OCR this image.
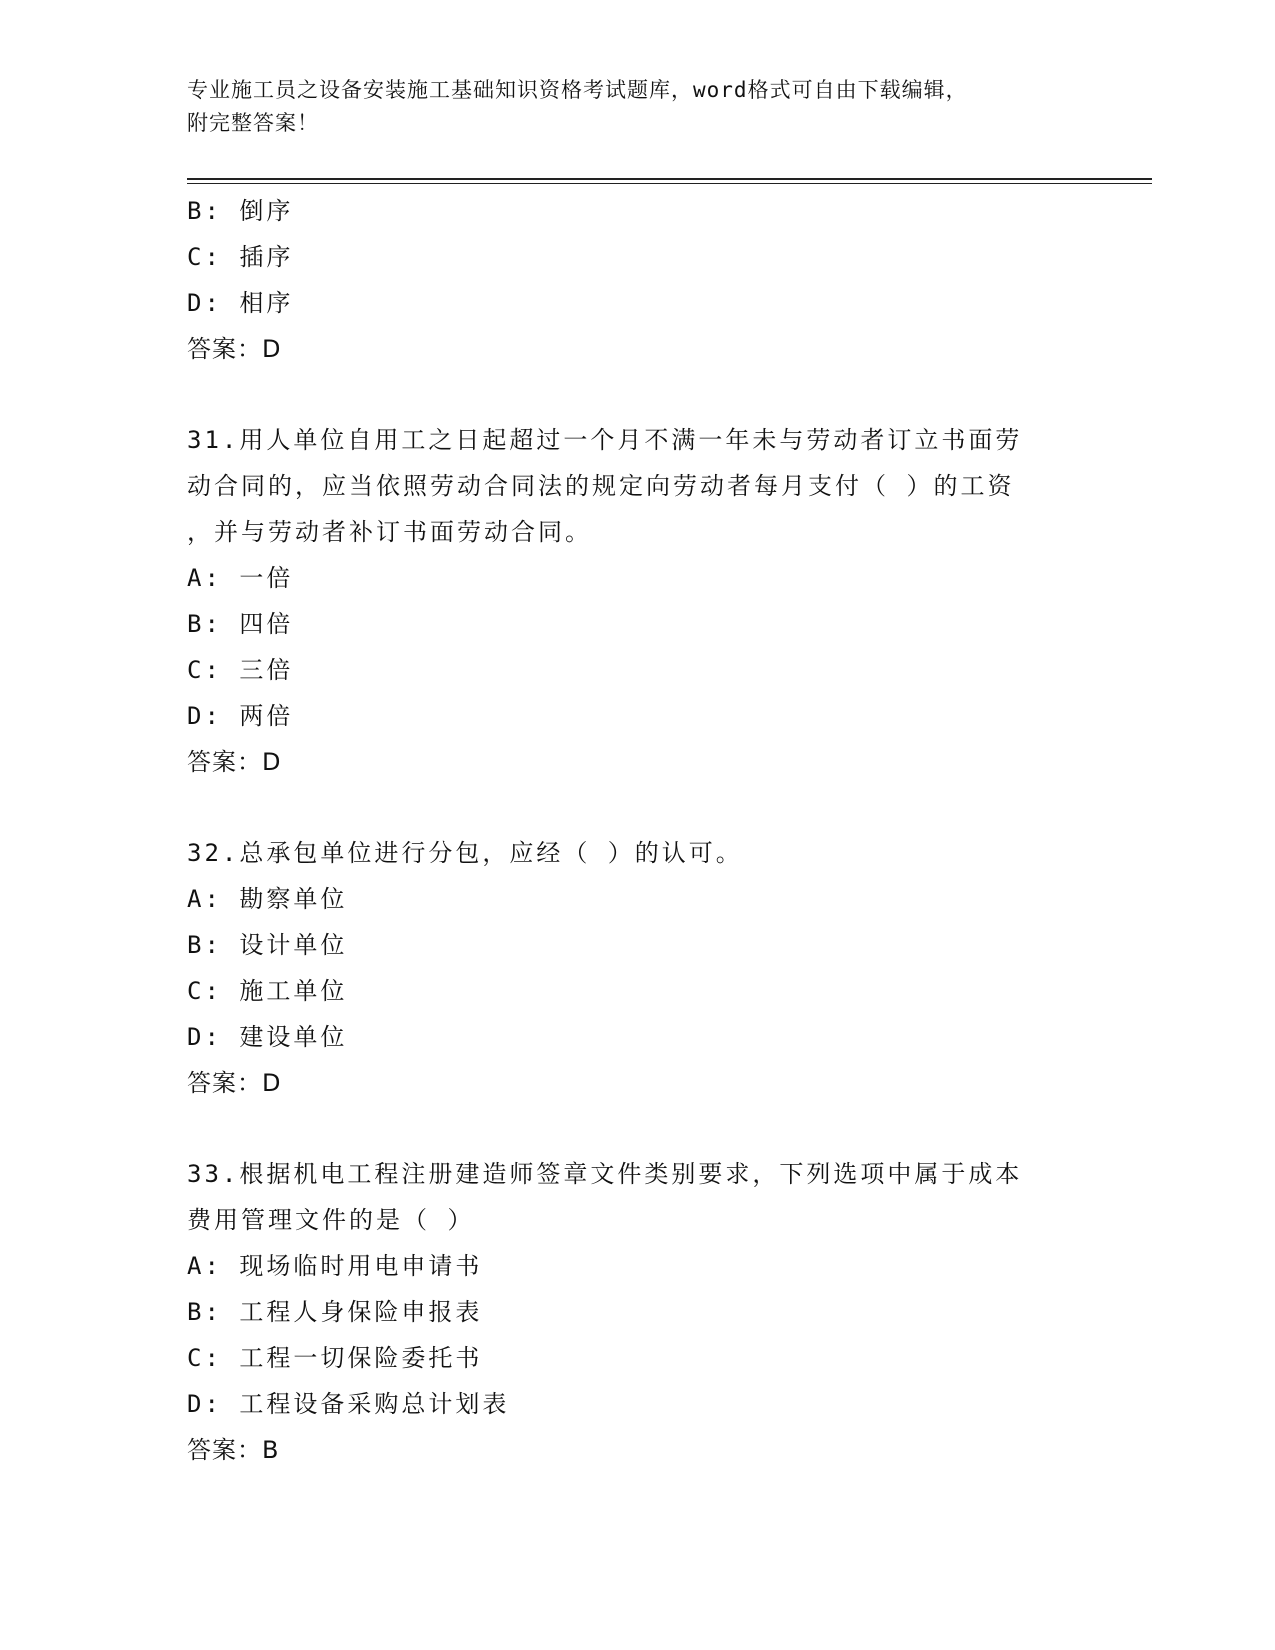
专业施工员之设备安装施工基础知识资格考试题库，word格式可自由下载编辑，
附完整答案！
B: 倒序
C: 插序
D: 相序
答案：D
31.用人单位自用工之日起超过一个月不满一年未与劳动者订立书面劳
动合同的，应当依照劳动合同法的规定向劳动者每月支付（ ）的工资
，并与劳动者补订书面劳动合同。
A: 一倍
B: 四倍
C: 三倍
D: 两倍
答案：D
32.总承包单位进行分包，应经（ ）的认可。
A: 勘察单位
B: 设计单位
C: 施工单位
D: 建设单位
答案：D
33.根据机电工程注册建造师签章文件类别要求，下列选项中属于成本
费用管理文件的是（ ）
A: 现场临时用电申请书
B: 工程人身保险申报表
C: 工程一切保险委托书
D: 工程设备采购总计划表
答案：B
